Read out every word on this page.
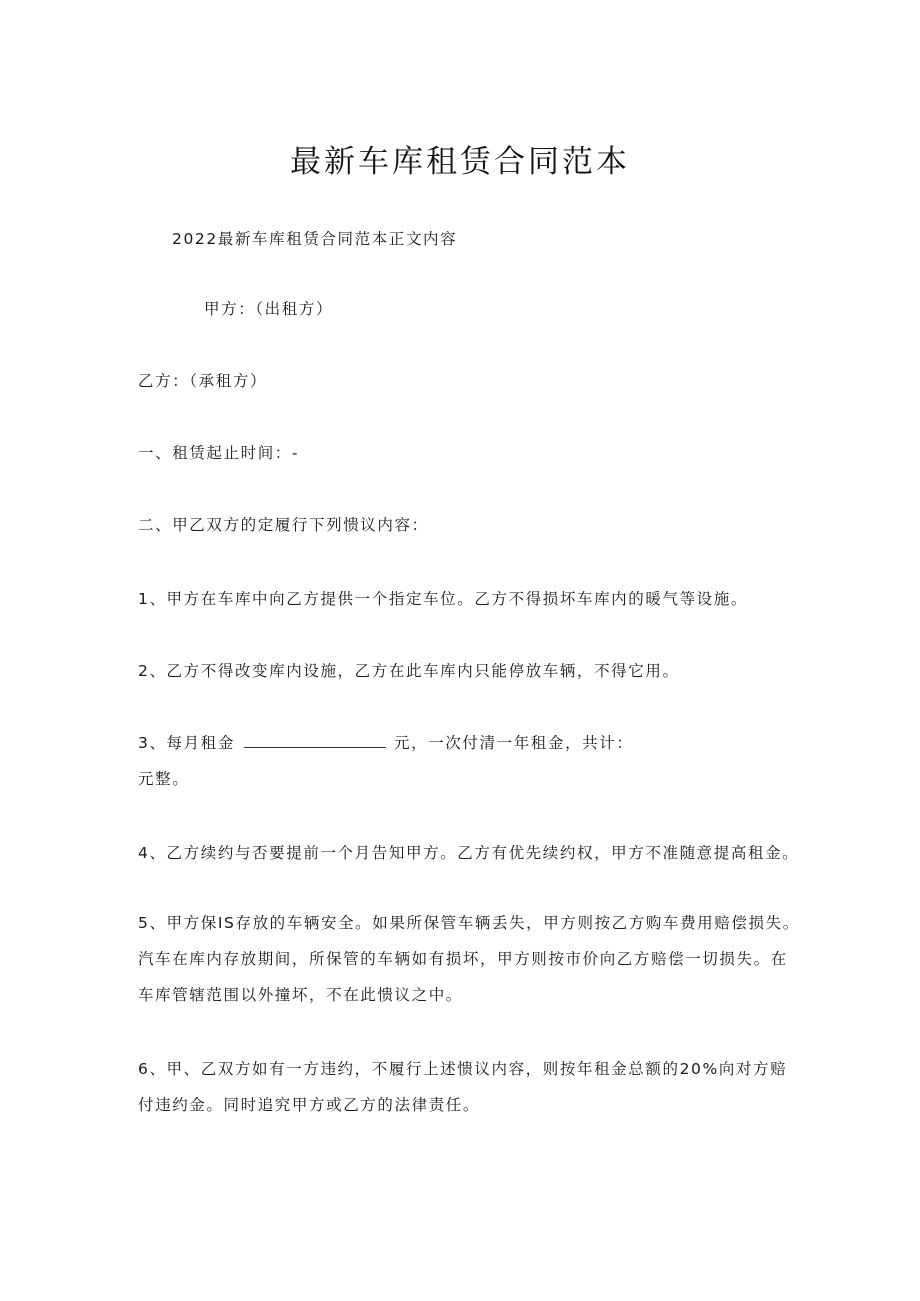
最新车库租赁合同范本
2022最新车库租赁合同范本正文内容
甲方：（出租方）
乙方：（承租方）
一、租赁起止时间：-
二、甲乙双方的定履行下列愦议内容：
1、甲方在车库中向乙方提供一个指定车位。乙方不得损坏车库内的暖气等设施。
2、乙方不得改变库内设施，乙方在此车库内只能停放车辆，不得它用。
3、每月租金	元，一次付清一年租金，共计：
元整。
4、乙方续约与否要提前一个月告知甲方。乙方有优先续约权，甲方不准随意提高租金。
5、甲方保IS存放的车辆安全。如果所保管车辆丢失，甲方则按乙方购车费用赔偿损失。
汽车在库内存放期间，所保管的车辆如有损坏，甲方则按市价向乙方赔偿一切损失。在
车库管辖范围以外撞坏，不在此愦议之中。
6、甲、乙双方如有一方违约，不履行上述愦议内容，则按年租金总额的20%向对方赔
付违约金。同时追究甲方或乙方的法律责任。
